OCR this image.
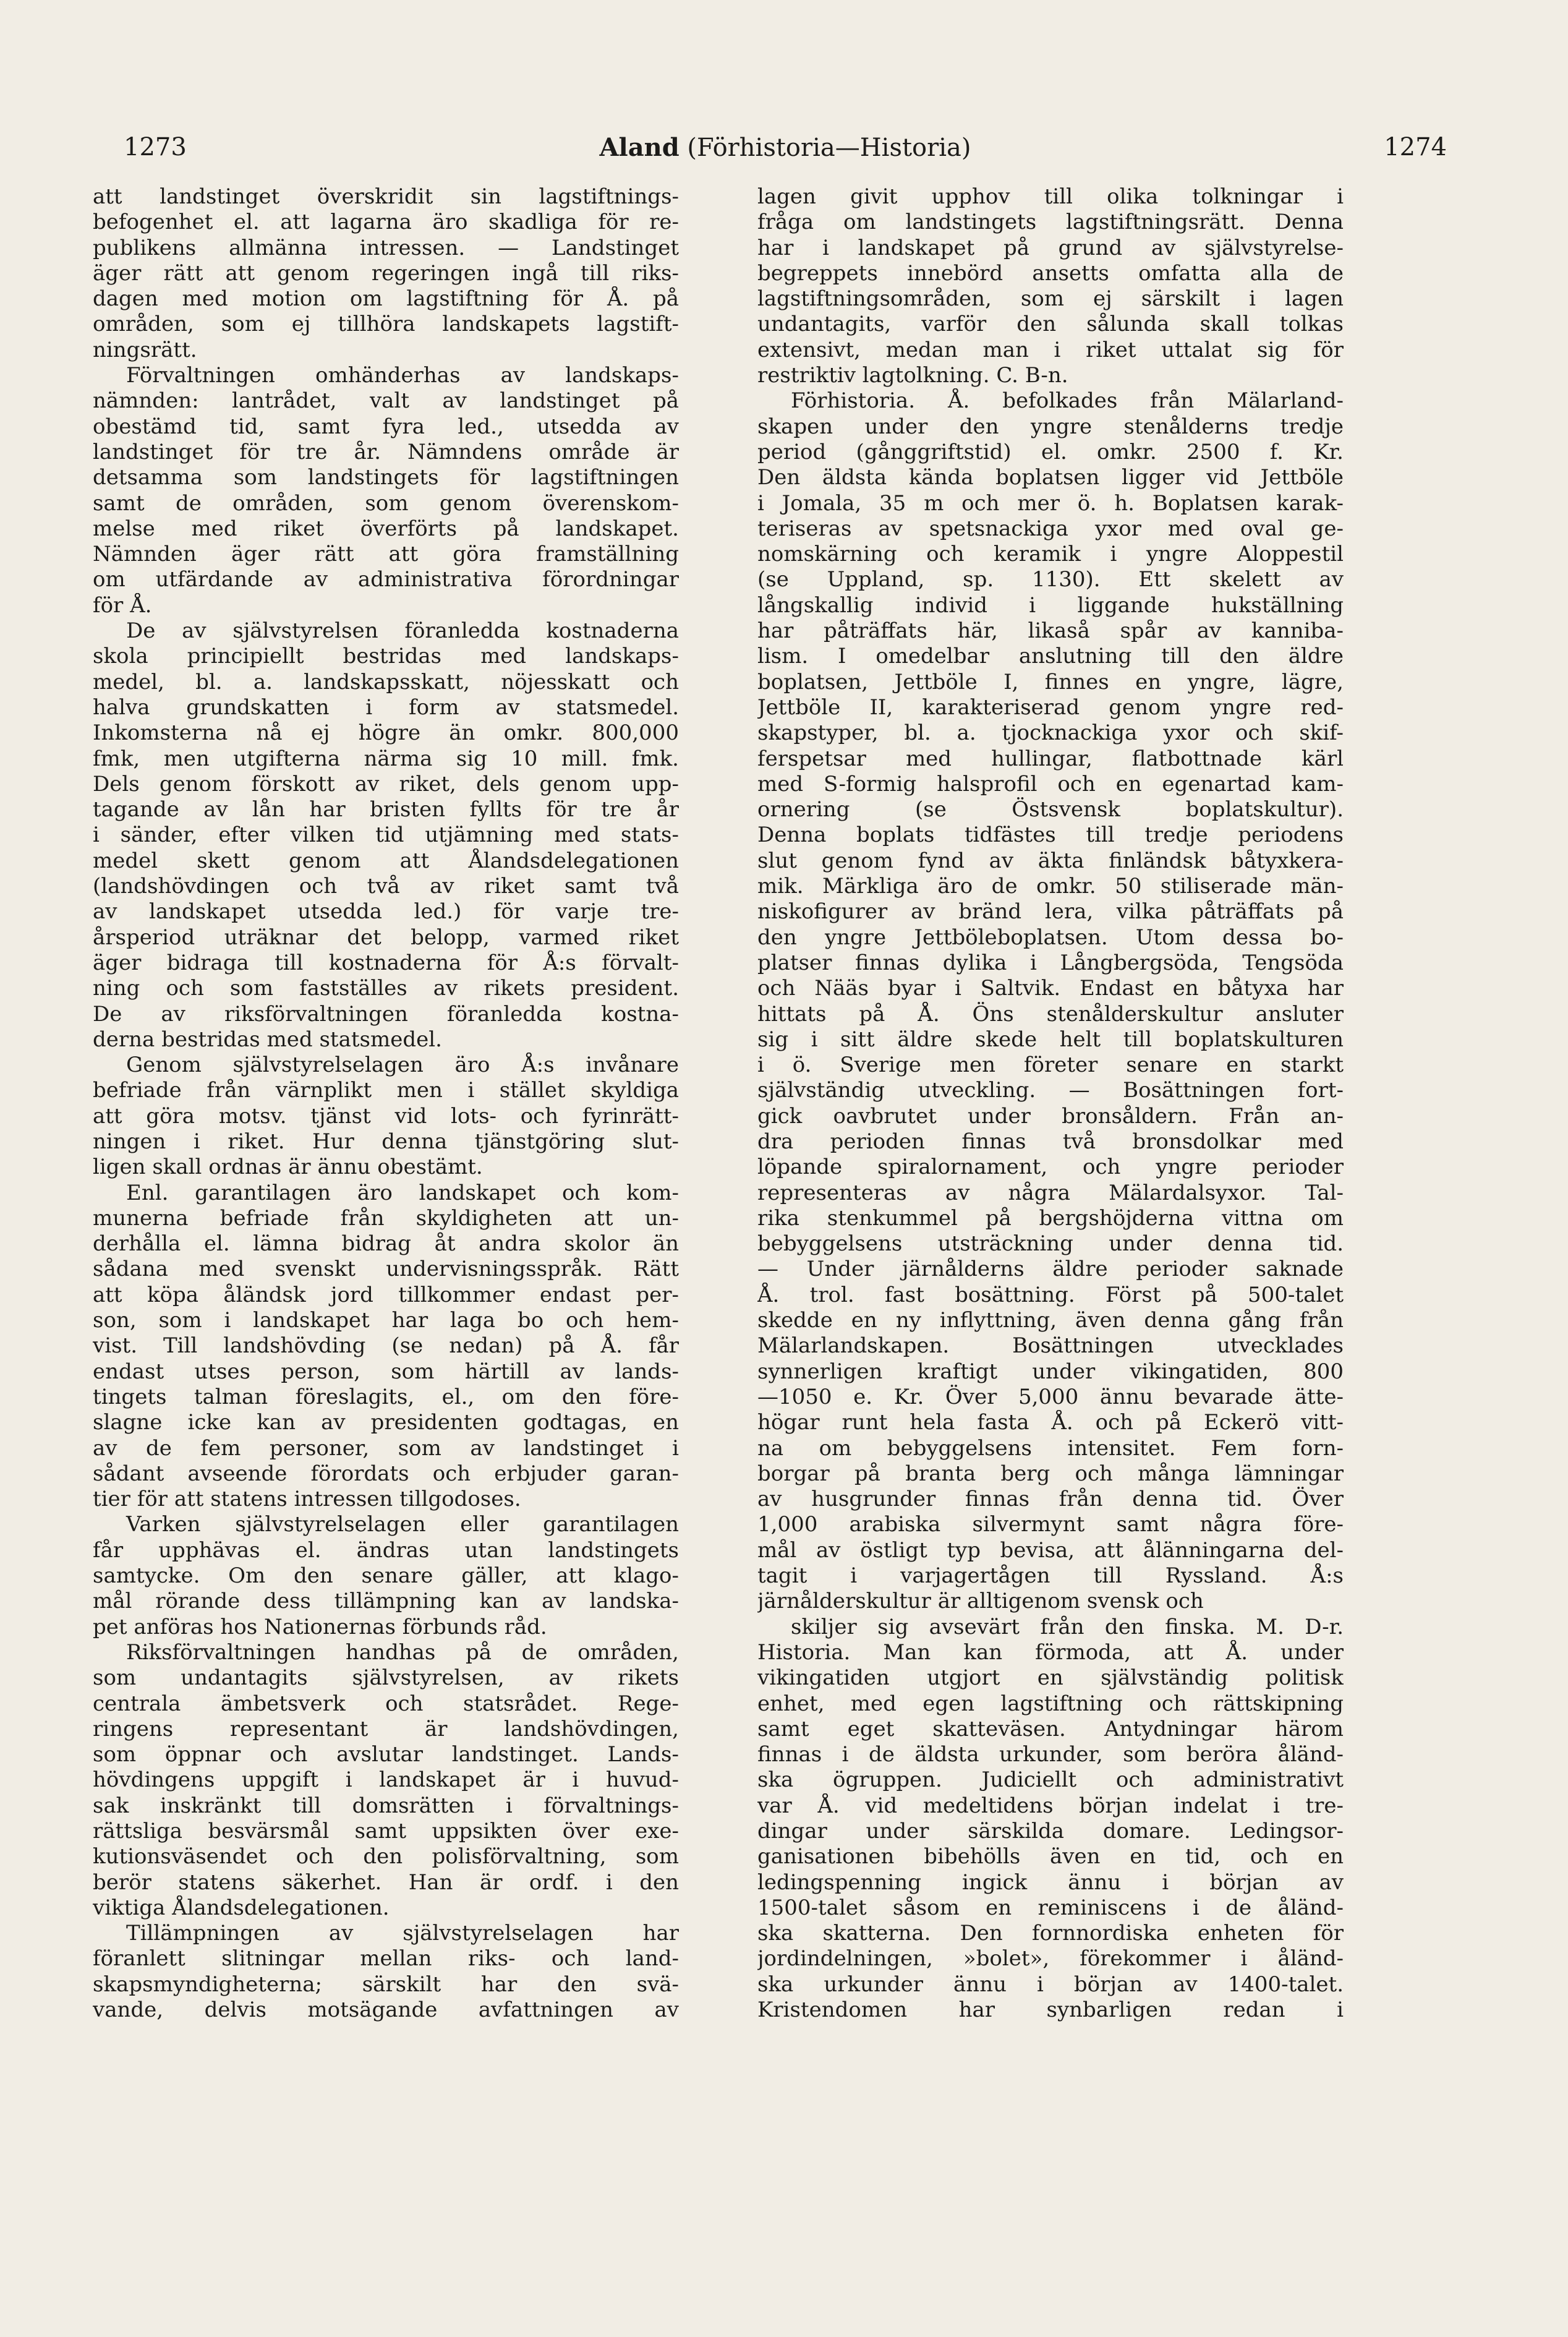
1273	Aland (Förhistoria—Historia)	1274
att landstinget överskridit sin lagstiftnings-
befogenhet el. att lagarna äro skadliga för re-
publikens allmänna intressen. — Landstinget
äger rätt att genom regeringen ingå till riks-
dagen med motion om lagstiftning för Å. på
områden, som ej tillhöra landskapets lagstift-
ningsrätt.
Förvaltningen omhänderhas av landskaps-
nämnden: lantrådet, valt av landstinget på
obestämd tid, samt fyra led., utsedda av
landstinget för tre år. Nämndens område är
detsamma som landstingets för lagstiftningen
samt de områden, som genom överenskom-
melse med riket överförts på landskapet.
Nämnden äger rätt att göra framställning
om utfärdande av administrativa förordningar
för Å.
De av självstyrelsen föranledda kostnaderna
skola principiellt bestridas med landskaps-
medel, bl. a. landskapsskatt, nöjesskatt och
halva grundskatten i form av statsmedel.
Inkomsterna nå ej högre än omkr. 800,000
fmk, men utgifterna närma sig 10 mill. fmk.
Dels genom förskott av riket, dels genom upp-
tagande av lån har bristen fyllts för tre år
i sänder, efter vilken tid utjämning med stats-
medel skett genom att Ålandsdelegationen
(landshövdingen och två av riket samt två
av landskapet utsedda led.) för varje tre-
årsperiod uträknar det belopp, varmed riket
äger bidraga till kostnaderna för Å:s förvalt-
ning och som fastställes av rikets president.
De av riksförvaltningen föranledda kostna-
derna bestridas med statsmedel.
Genom självstyrelselagen äro Å:s invånare
befriade från värnplikt men i stället skyldiga
att göra motsv. tjänst vid lots- och fyrinrätt-
ningen i riket. Hur denna tjänstgöring slut-
ligen skall ordnas är ännu obestämt.
Enl. garantilagen äro landskapet och kom-
munerna befriade från skyldigheten att un-
derhålla el. lämna bidrag åt andra skolor än
sådana med svenskt undervisningsspråk. Rätt
att köpa åländsk jord tillkommer endast per-
son, som i landskapet har laga bo och hem-
vist. Till landshövding (se nedan) på Å. får
endast utses person, som härtill av lands-
tingets talman föreslagits, el., om den före-
slagne icke kan av presidenten godtagas, en
av de fem personer, som av landstinget i
sådant avseende förordats och erbjuder garan-
tier för att statens intressen tillgodoses.
Varken självstyrelselagen eller garantilagen
får upphävas el. ändras utan landstingets
samtycke. Om den senare gäller, att klago-
mål rörande dess tillämpning kan av landska-
pet anföras hos Nationernas förbunds råd.
Riksförvaltningen handhas på de områden,
som undantagits självstyrelsen, av rikets
centrala ämbetsverk och statsrådet. Rege-
ringens representant är landshövdingen,
som öppnar och avslutar landstinget. Lands-
hövdingens uppgift i landskapet är i huvud-
sak inskränkt till domsrätten i förvaltnings-
rättsliga besvärsmål samt uppsikten över exe-
kutionsväsendet och den polisförvaltning, som
berör statens säkerhet. Han är ordf. i den
viktiga Ålandsdelegationen.
Tillämpningen av självstyrelselagen har
föranlett slitningar mellan riks- och land-
skapsmyndigheterna; särskilt har den svä-
vande, delvis motsägande avfattningen av
lagen givit upphov till olika tolkningar i
fråga om landstingets lagstiftningsrätt. Denna
har i landskapet på grund av självstyrelse-
begreppets innebörd ansetts omfatta alla de
lagstiftningsområden, som ej särskilt i lagen
undantagits, varför den sålunda skall tolkas
extensivt, medan man i riket uttalat sig för
restriktiv lagtolkning. C. B-n.
Förhistoria. Å. befolkades från Mälarland-
skapen under den yngre stenålderns tredje
period (gånggriftstid) el. omkr. 2500 f. Kr.
Den äldsta kända boplatsen ligger vid Jettböle
i Jomala, 35 m och mer ö. h. Boplatsen karak-
teriseras av spetsnackiga yxor med oval ge-
nomskärning och keramik i yngre Aloppestil
(se Uppland, sp. 1130). Ett skelett av
långskallig individ i liggande hukställning
har påträffats här, likaså spår av kanniba-
lism. I omedelbar anslutning till den äldre
boplatsen, Jettböle I, finnes en yngre, lägre,
Jettböle II, karakteriserad genom yngre red-
skapstyper, bl. a. tjocknackiga yxor och skif-
ferspetsar med hullingar, flatbottnade kärl
med S-formig halsprofil och en egenartad kam-
ornering (se Östsvensk boplatskultur).
Denna boplats tidfästes till tredje periodens
slut genom fynd av äkta finländsk båtyxkera-
mik. Märkliga äro de omkr. 50 stiliserade män-
niskofigurer av bränd lera, vilka påträffats på
den yngre Jettböleboplatsen. Utom dessa bo-
platser finnas dylika i Långbergsöda, Tengsöda
och Nääs byar i Saltvik. Endast en båtyxa har
hittats på Å. Öns stenålderskultur ansluter
sig i sitt äldre skede helt till boplatskulturen
i ö. Sverige men företer senare en starkt
självständig utveckling. — Bosättningen fort-
gick oavbrutet under bronsåldern. Från an-
dra perioden finnas två bronsdolkar med
löpande spiralornament, och yngre perioder
representeras av några Mälardalsyxor. Tal-
rika stenkummel på bergshöjderna vittna om
bebyggelsens utsträckning under denna tid.
— Under järnålderns äldre perioder saknade
Å. trol. fast bosättning. Först på 500-talet
skedde en ny inflyttning, även denna gång från
Mälarlandskapen. Bosättningen utvecklades
synnerligen kraftigt under vikingatiden, 800
—1050 e. Kr. Över 5,000 ännu bevarade ätte-
högar runt hela fasta Å. och på Eckerö vitt-
na om bebyggelsens intensitet. Fem forn-
borgar på branta berg och många lämningar
av husgrunder finnas från denna tid. Över
1,000 arabiska silvermynt samt några före-
mål av östligt typ bevisa, att ålänningarna del-
tagit i varjagertågen till Ryssland. Å:s
järnålderskultur är alltigenom svensk och
skiljer sig avsevärt från den finska. M. D-r.
Historia. Man kan förmoda, att Å. under
vikingatiden utgjort en självständig politisk
enhet, med egen lagstiftning och rättskipning
samt eget skatteväsen. Antydningar härom
finnas i de äldsta urkunder, som beröra åländ-
ska ögruppen. Judiciellt och administrativt
var Å. vid medeltidens början indelat i tre-
dingar under särskilda domare. Ledingsor-
ganisationen bibehölls även en tid, och en
ledingspenning ingick ännu i början av
1500-talet såsom en reminiscens i de åländ-
ska skatterna. Den fornnordiska enheten för
jordindelningen, »bolet», förekommer i åländ-
ska urkunder ännu i början av 1400-talet.
Kristendomen har synbarligen redan i
